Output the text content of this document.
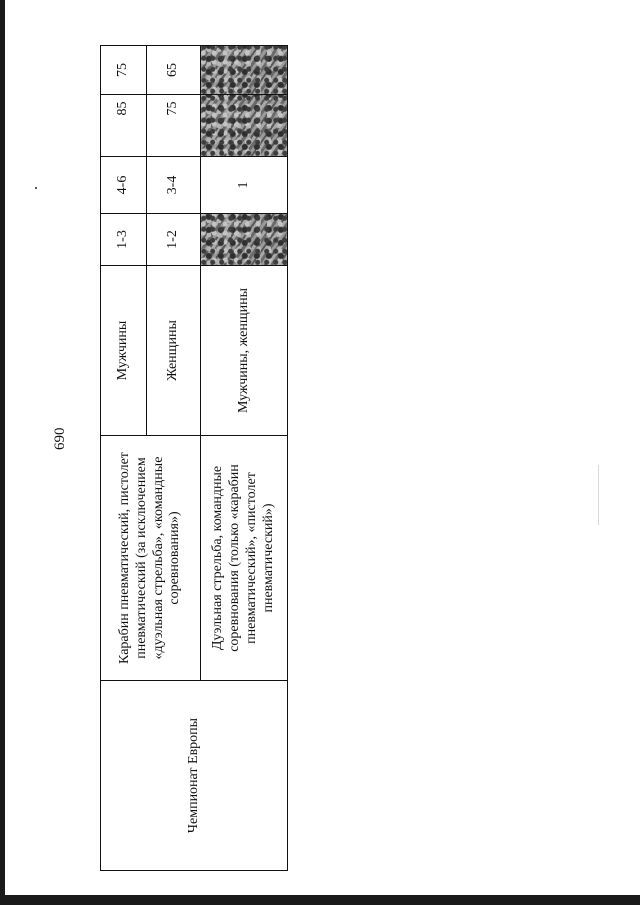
690
Чемпионат Европы
Карабин пневматический, пистолет пневматический (за исключением «дуэльная стрельба», «командные соревнования»)
Мужчины
1-3
4-6
85
Женщины
1-2
3-4
75
Дуэльная стрельба, командные соревнования (только «карабин пневматический», «пистолет пневматический»)
Мужчины, женщины
1
75	65
